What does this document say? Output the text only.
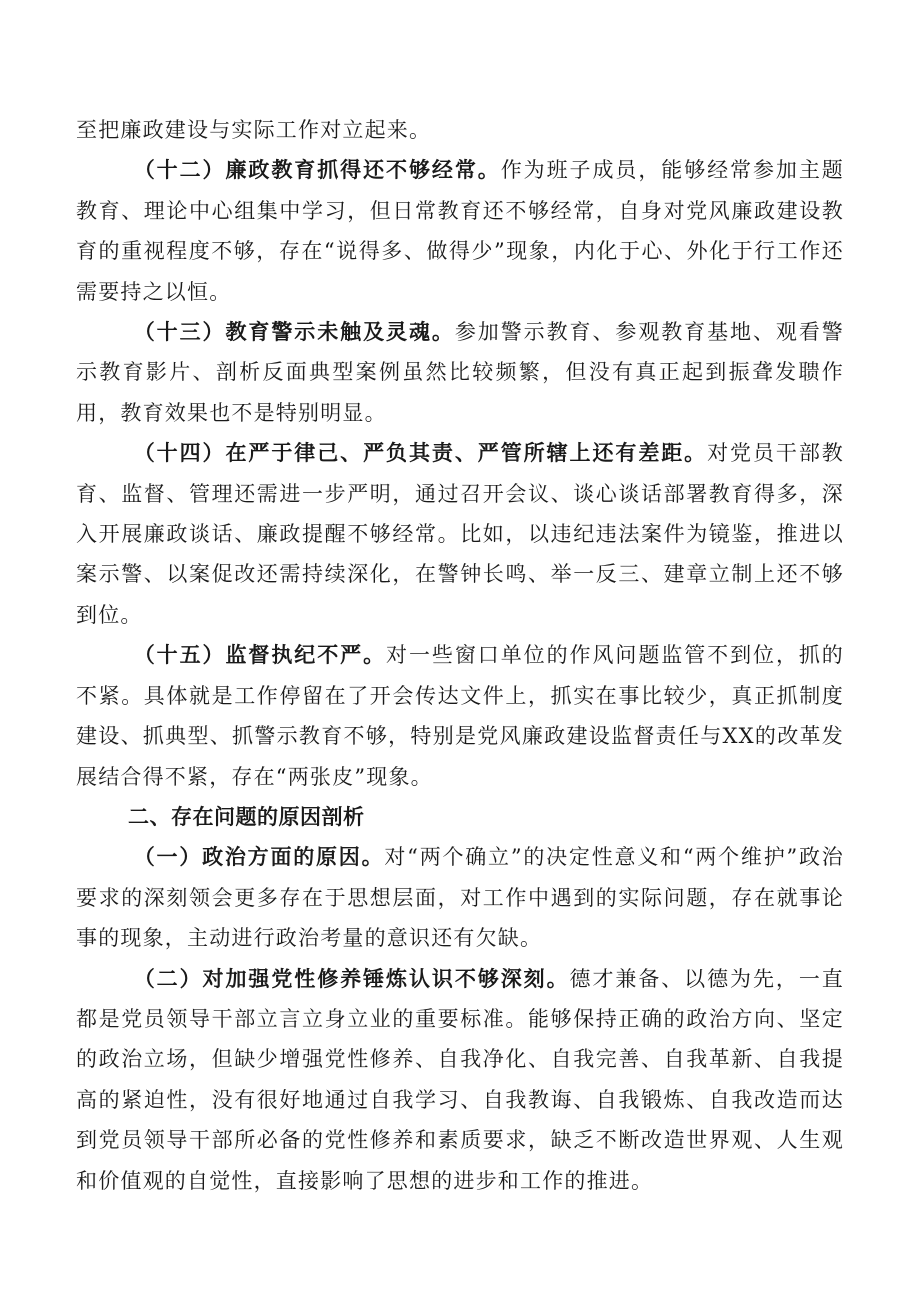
至把廉政建设与实际工作对立起来。

（十二）廉政教育抓得还不够经常。作为班子成员，能够经常参加主题教育、理论中心组集中学习，但日常教育还不够经常，自身对党风廉政建设教育的重视程度不够，存在“说得多、做得少”现象，内化于心、外化于行工作还需要持之以恒。

（十三）教育警示未触及灵魂。参加警示教育、参观教育基地、观看警示教育影片、剖析反面典型案例虽然比较频繁，但没有真正起到振聋发聩作用，教育效果也不是特别明显。

（十四）在严于律己、严负其责、严管所辖上还有差距。对党员干部教育、监督、管理还需进一步严明，通过召开会议、谈心谈话部署教育得多，深入开展廉政谈话、廉政提醒不够经常。比如，以违纪违法案件为镜鉴，推进以案示警、以案促改还需持续深化，在警钟长鸣、举一反三、建章立制上还不够到位。

（十五）监督执纪不严。对一些窗口单位的作风问题监管不到位，抓的不紧。具体就是工作停留在了开会传达文件上，抓实在事比较少，真正抓制度建设、抓典型、抓警示教育不够，特别是党风廉政建设监督责任与XX的改革发展结合得不紧，存在“两张皮”现象。

二、存在问题的原因剖析

（一）政治方面的原因。对“两个确立”的决定性意义和“两个维护”政治要求的深刻领会更多存在于思想层面，对工作中遇到的实际问题，存在就事论事的现象，主动进行政治考量的意识还有欠缺。

（二）对加强党性修养锤炼认识不够深刻。德才兼备、以德为先，一直都是党员领导干部立言立身立业的重要标准。能够保持正确的政治方向、坚定的政治立场，但缺少增强党性修养、自我净化、自我完善、自我革新、自我提高的紧迫性，没有很好地通过自我学习、自我教诲、自我锻炼、自我改造而达到党员领导干部所必备的党性修养和素质要求，缺乏不断改造世界观、人生观和价值观的自觉性，直接影响了思想的进步和工作的推进。
